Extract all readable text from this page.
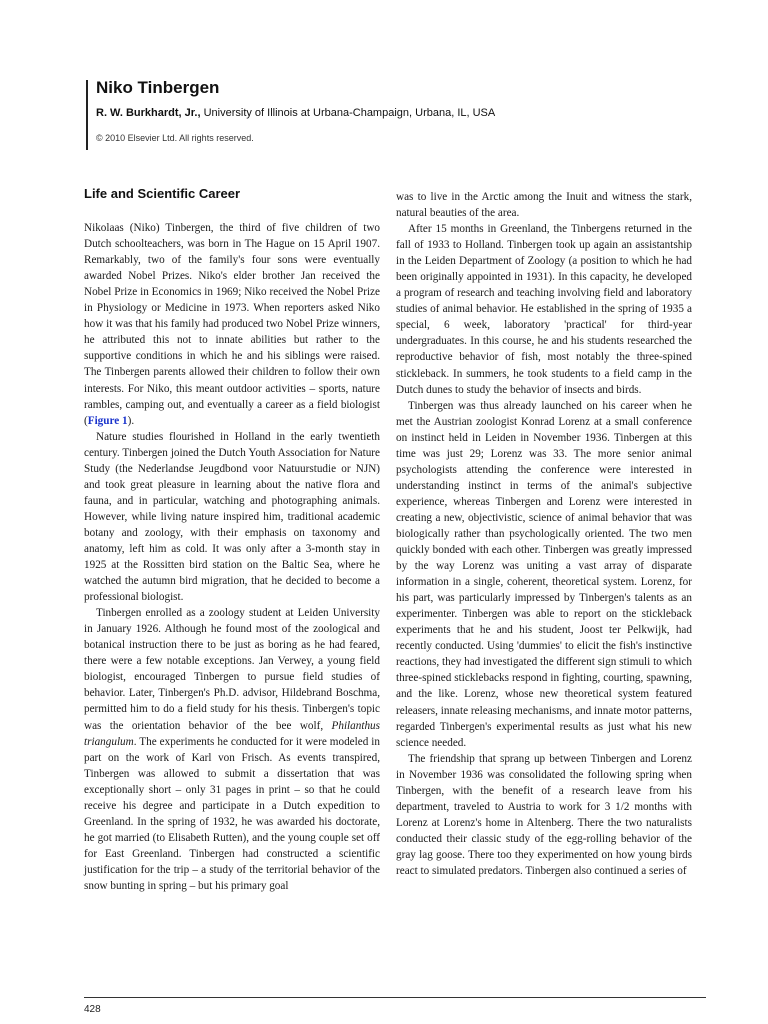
Niko Tinbergen

R. W. Burkhardt, Jr., University of Illinois at Urbana-Champaign, Urbana, IL, USA

© 2010 Elsevier Ltd. All rights reserved.

Life and Scientific Career

Nikolaas (Niko) Tinbergen, the third of five children of two Dutch schoolteachers, was born in The Hague on 15 April 1907. Remarkably, two of the family's four sons were eventually awarded Nobel Prizes. Niko's elder brother Jan received the Nobel Prize in Economics in 1969; Niko received the Nobel Prize in Physiology or Medicine in 1973. When reporters asked Niko how it was that his family had produced two Nobel Prize winners, he attributed this not to innate abilities but rather to the supportive conditions in which he and his siblings were raised. The Tinbergen parents allowed their children to follow their own interests. For Niko, this meant outdoor activities – sports, nature rambles, camping out, and eventually a career as a field biologist (Figure 1).

Nature studies flourished in Holland in the early twentieth century. Tinbergen joined the Dutch Youth Association for Nature Study (the Nederlandse Jeugdbond voor Natuurstudie or NJN) and took great pleasure in learning about the native flora and fauna, and in particular, watching and photographing animals. However, while living nature inspired him, traditional academic botany and zoology, with their emphasis on taxonomy and anatomy, left him as cold. It was only after a 3-month stay in 1925 at the Rossitten bird station on the Baltic Sea, where he watched the autumn bird migration, that he decided to become a professional biologist.

Tinbergen enrolled as a zoology student at Leiden University in January 1926. Although he found most of the zoological and botanical instruction there to be just as boring as he had feared, there were a few notable exceptions. Jan Verwey, a young field biologist, encouraged Tinbergen to pursue field studies of behavior. Later, Tinbergen's Ph.D. advisor, Hildebrand Boschma, permitted him to do a field study for his thesis. Tinbergen's topic was the orientation behavior of the bee wolf, Philanthus triangulum. The experiments he conducted for it were modeled in part on the work of Karl von Frisch. As events transpired, Tinbergen was allowed to submit a dissertation that was exceptionally short – only 31 pages in print – so that he could receive his degree and participate in a Dutch expedition to Greenland. In the spring of 1932, he was awarded his doctorate, he got married (to Elisabeth Rutten), and the young couple set off for East Greenland. Tinbergen had constructed a scientific justification for the trip – a study of the territorial behavior of the snow bunting in spring – but his primary goal

was to live in the Arctic among the Inuit and witness the stark, natural beauties of the area.

After 15 months in Greenland, the Tinbergens returned in the fall of 1933 to Holland. Tinbergen took up again an assistantship in the Leiden Department of Zoology (a position to which he had been originally appointed in 1931). In this capacity, he developed a program of research and teaching involving field and laboratory studies of animal behavior. He established in the spring of 1935 a special, 6 week, laboratory 'practical' for third-year undergraduates. In this course, he and his students researched the reproductive behavior of fish, most notably the three-spined stickleback. In summers, he took students to a field camp in the Dutch dunes to study the behavior of insects and birds.

Tinbergen was thus already launched on his career when he met the Austrian zoologist Konrad Lorenz at a small conference on instinct held in Leiden in November 1936. Tinbergen at this time was just 29; Lorenz was 33. The more senior animal psychologists attending the conference were interested in understanding instinct in terms of the animal's subjective experience, whereas Tinbergen and Lorenz were interested in creating a new, objectivistic, science of animal behavior that was biologically rather than psychologically oriented. The two men quickly bonded with each other. Tinbergen was greatly impressed by the way Lorenz was uniting a vast array of disparate information in a single, coherent, theoretical system. Lorenz, for his part, was particularly impressed by Tinbergen's talents as an experimenter. Tinbergen was able to report on the stickleback experiments that he and his student, Joost ter Pelkwijk, had recently conducted. Using 'dummies' to elicit the fish's instinctive reactions, they had investigated the different sign stimuli to which three-spined sticklebacks respond in fighting, courting, spawning, and the like. Lorenz, whose new theoretical system featured releasers, innate releasing mechanisms, and innate motor patterns, regarded Tinbergen's experimental results as just what his new science needed.

The friendship that sprang up between Tinbergen and Lorenz in November 1936 was consolidated the following spring when Tinbergen, with the benefit of a research leave from his department, traveled to Austria to work for 3 1/2 months with Lorenz at Lorenz's home in Altenberg. There the two naturalists conducted their classic study of the egg-rolling behavior of the gray lag goose. There too they experimented on how young birds react to simulated predators. Tinbergen also continued a series of

428
